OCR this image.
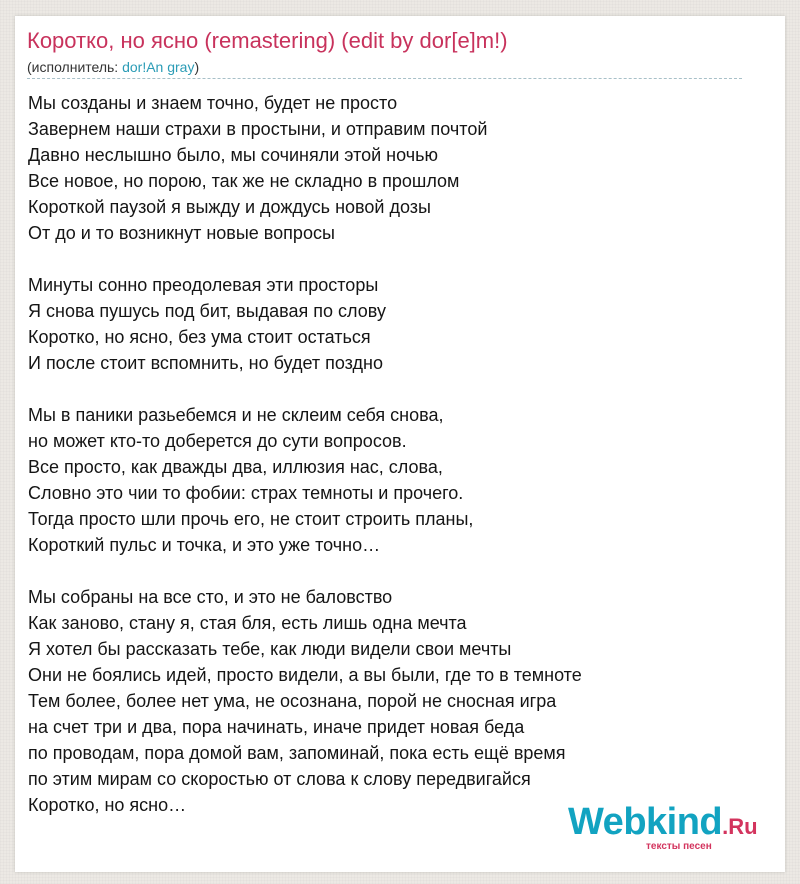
Коротко, но ясно (remastering) (edit by dor[e]m!)
(исполнитель: dor!An gray)
Мы созданы и знаем точно, будет не просто
Завернем наши страхи в простыни, и отправим почтой
Давно неслышно было, мы сочиняли этой ночью
Все новое, но порою, так же не складно в прошлом
Короткой паузой я выжду и дождусь новой дозы
От до и то возникнут новые вопросы
Минуты сонно преодолевая эти просторы
Я снова пушусь под бит, выдавая по слову
Коротко, но ясно, без ума стоит остаться
И после стоит вспомнить, но будет поздно
Мы в паники разьебемся и не склеим себя снова,
но может кто-то доберется до сути вопросов.
Все просто, как дважды два, иллюзия нас, слова,
Словно это чии то фобии: страх темноты и прочего.
Тогда просто шли прочь его, не стоит строить планы,
Короткий пульс и точка, и это уже точно…
Мы собраны на все сто, и это не баловство
Как заново, стану я, стая бля, есть лишь одна мечта
Я хотел бы рассказать тебе, как люди видели свои мечты
Они не боялись идей, просто видели, а вы были, где то в темноте
Тем более, более нет ума, не осознана, порой не сносная игра
на счет три и два, пора начинать, иначе придет новая беда
по проводам, пора домой вам, запоминай, пока есть ещё время
по этим мирам со скоростью от слова к слову передвигайся
Коротко, но ясно…	Webkind.Ru
тексты песен
